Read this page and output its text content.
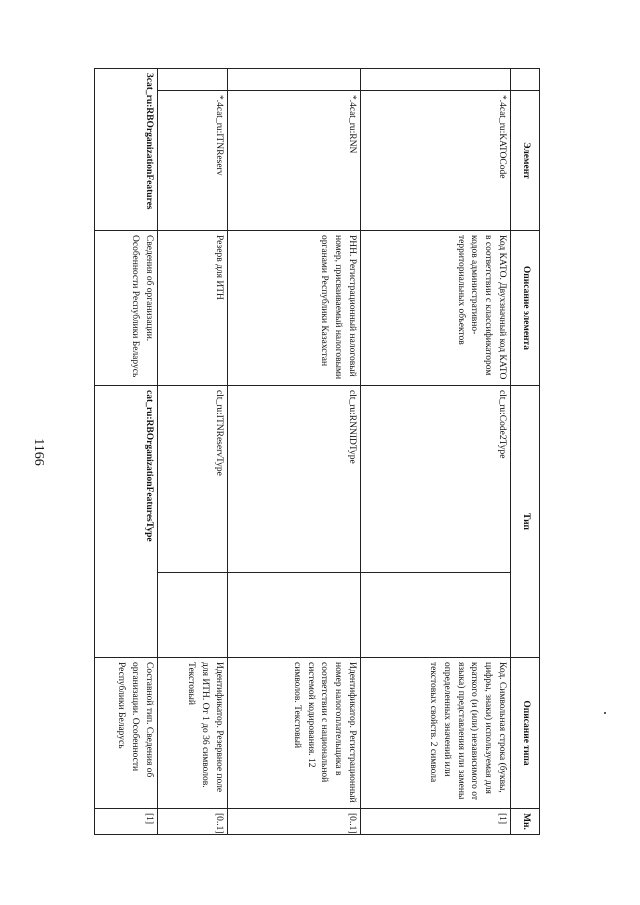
1166
	Элемент	Описание элемента	Тип		Описание типа	Мн.
	*.4cat_ru:KATOCode	Код КАТО. Двухзначный код КАТО в соответствии с классификатором кодов административно-территориальных объектов	clt_ru:Code2Type		Код. Символьная строка (буквы, цифры, знаки) используемая для краткого (и (или) независимого от языка) представления или замены определенных значений или текстовых свойств. 2 символа	[1]
	*.4cat_ru:RNN	РНН. Регистрационный налоговый номер, присваиваемый налоговыми органами Республики Казахстан	clt_ru:RNNIDType		Идентификатор. Регистрационный номер налогоплательщика в соответствии с национальной системой кодирования. 12 символов. Текстовый	[0..1]
	*.4cat_ru:ITNReserv	Резерв для ИТН	clt_ru:ITNReservType		Идентификатор. Резервное поле для ИТН. От 1 до 36 символов. Текстовый	[0..1]
3cat_ru:RBOrganizationFeatures		Сведения об организации. Особенности Республики Беларусь	cat_ru:RBOrganizationFeaturesType		Составной тип. Сведения об организации. Особенности Республики Беларусь	[1]
